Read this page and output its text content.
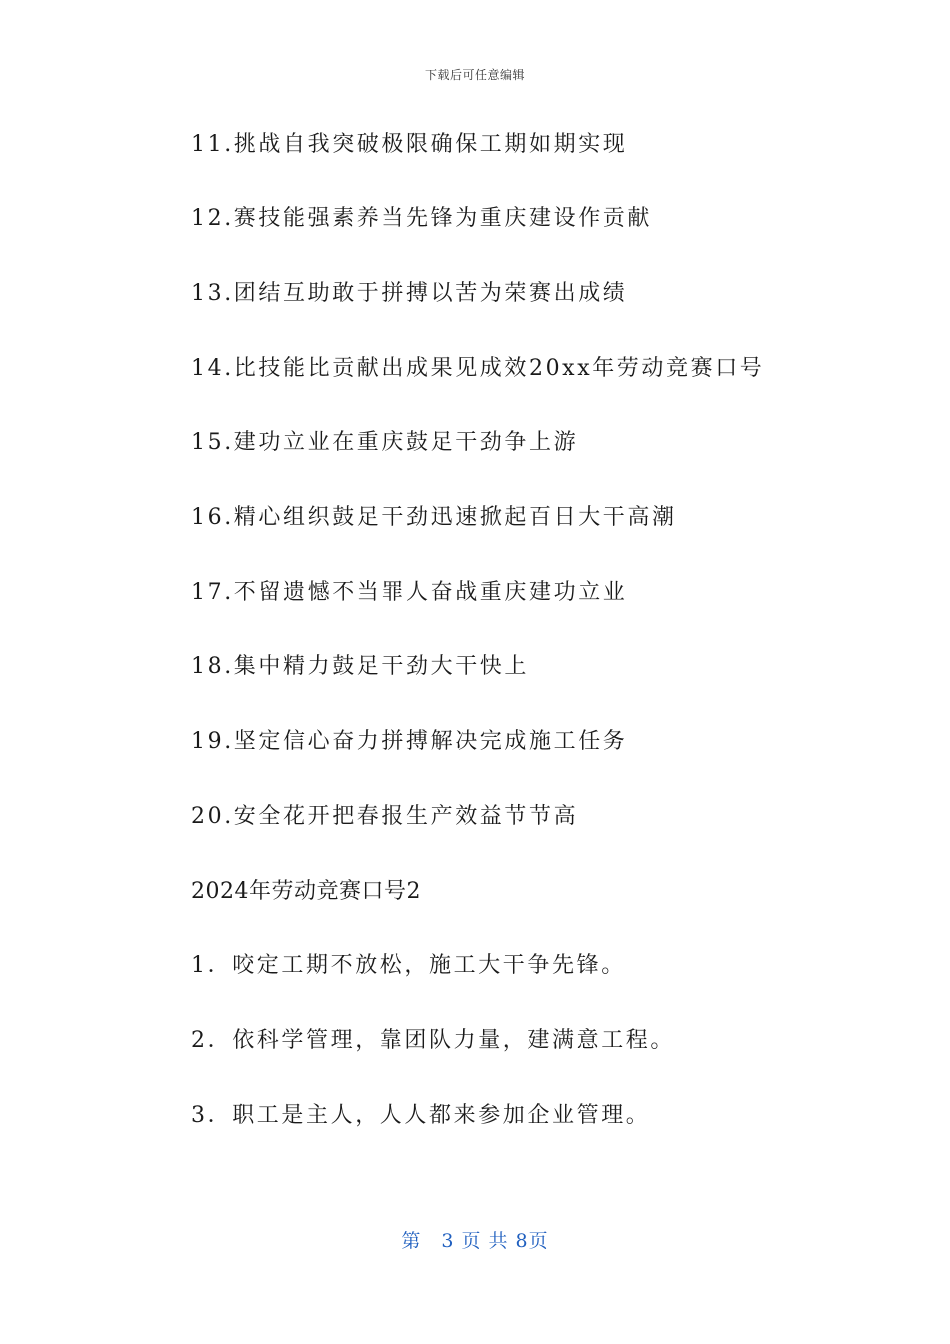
下载后可任意编辑
11.挑战自我突破极限确保工期如期实现
12.赛技能强素养当先锋为重庆建设作贡献
13.团结互助敢于拼搏以苦为荣赛出成绩
14.比技能比贡献出成果见成效20xx年劳动竞赛口号
15.建功立业在重庆鼓足干劲争上游
16.精心组织鼓足干劲迅速掀起百日大干高潮
17.不留遗憾不当罪人奋战重庆建功立业
18.集中精力鼓足干劲大干快上
19.坚定信心奋力拼搏解决完成施工任务
20.安全花开把春报生产效益节节高
2024年劳动竞赛口号2
1．咬定工期不放松，施工大干争先锋。
2．依科学管理，靠团队力量，建满意工程。
3．职工是主人，人人都来参加企业管理。
第　3 页 共 8页
